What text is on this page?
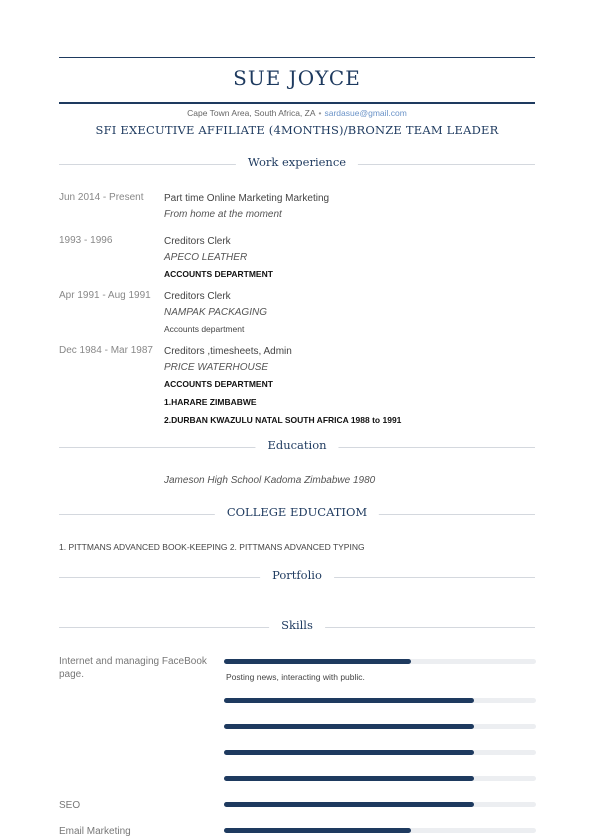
SUE JOYCE
Cape Town Area, South Africa, ZA • sardasue@gmail.com
SFI EXECUTIVE AFFILIATE (4MONTHS)/BRONZE TEAM LEADER
Work experience
Jun 2014 - Present Part time Online Marketing Marketing
From home at the moment
1993 - 1996	Creditors Clerk
APECO LEATHER
ACCOUNTS DEPARTMENT
Apr 1991 - Aug 1991 Creditors Clerk
NAMPAK PACKAGING
Accounts department
Dec 1984 - Mar 1987 Creditors ,timesheets, Admin
PRICE WATERHOUSE
ACCOUNTS DEPARTMENT
1.HARARE ZIMBABWE
2.DURBAN KWAZULU NATAL SOUTH AFRICA 1988 to 1991
Education
Jameson High School Kadoma Zimbabwe 1980
COLLEGE EDUCATIOM
1. PITTMANS ADVANCED BOOK-KEEPING 2. PITTMANS ADVANCED TYPING
Portfolio
Skills
Internet and managing FaceBook page.	Posting news, interacting with public.
SEO
Email Marketing
